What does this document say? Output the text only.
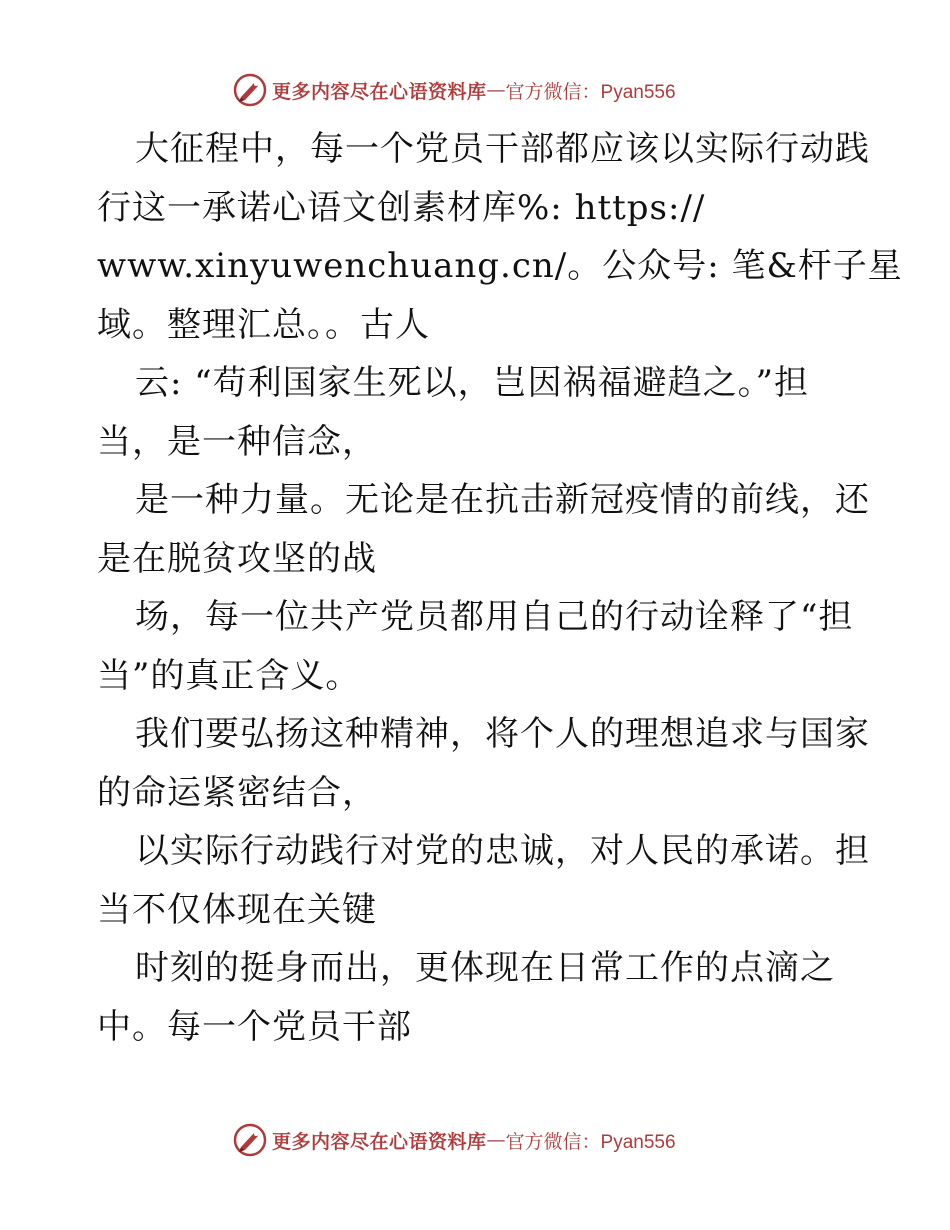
更多内容尽在心语资料库 — 官方微信：Pyan556
大征程中，每一个党员干部都应该以实际行动践
行这一承诺心语文创素材库%: https://
www.xinyuwenchuang.cn/。公众号: 笔&杆子星
域。整理汇总。。古人
云: “苟利国家生死以，岂因祸福避趋之。”担
当，是一种信念，
是一种力量。无论是在抗击新冠疫情的前线，还
是在脱贫攻坚的战
场，每一位共产党员都用自己的行动诠释了“担
当”的真正含义。
我们要弘扬这种精神，将个人的理想追求与国家
的命运紧密结合，
以实际行动践行对党的忠诚，对人民的承诺。担
当不仅体现在关键
时刻的挺身而出，更体现在日常工作的点滴之
中。每一个党员干部
更多内容尽在心语资料库 — 官方微信：Pyan556
